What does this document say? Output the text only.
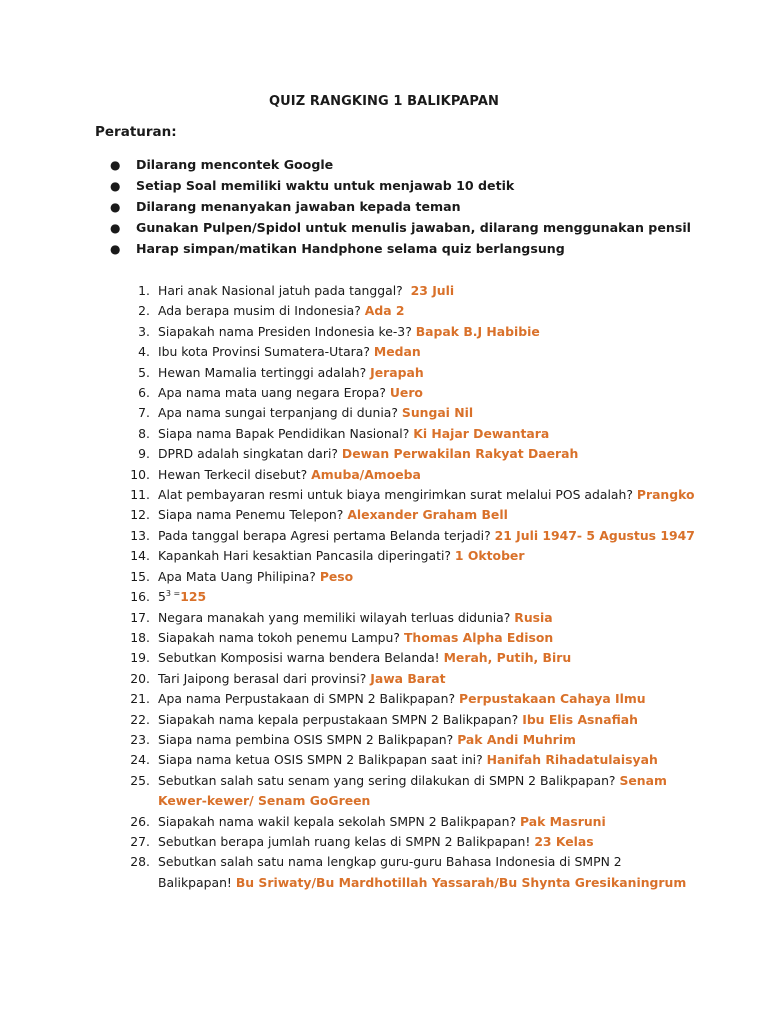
QUIZ RANGKING 1 BALIKPAPAN
Peraturan:
● Dilarang mencontek Google
● Setiap Soal memiliki waktu untuk menjawab 10 detik
● Dilarang menanyakan jawaban kepada teman
● Gunakan Pulpen/Spidol untuk menulis jawaban, dilarang menggunakan pensil
● Harap simpan/matikan Handphone selama quiz berlangsung
1. Hari anak Nasional jatuh pada tanggal? 23 Juli
2. Ada berapa musim di Indonesia? Ada 2
3. Siapakah nama Presiden Indonesia ke-3? Bapak B.J Habibie
4. Ibu kota Provinsi Sumatera-Utara? Medan
5. Hewan Mamalia tertinggi adalah? Jerapah
6. Apa nama mata uang negara Eropa? Uero
7. Apa nama sungai terpanjang di dunia? Sungai Nil
8. Siapa nama Bapak Pendidikan Nasional? Ki Hajar Dewantara
9. DPRD adalah singkatan dari? Dewan Perwakilan Rakyat Daerah
10. Hewan Terkecil disebut? Amuba/Amoeba
11. Alat pembayaran resmi untuk biaya mengirimkan surat melalui POS adalah? Prangko
12. Siapa nama Penemu Telepon? Alexander Graham Bell
13. Pada tanggal berapa Agresi pertama Belanda terjadi? 21 Juli 1947- 5 Agustus 1947
14. Kapankah Hari kesaktian Pancasila diperingati? 1 Oktober
15. Apa Mata Uang Philipina? Peso
16. $5^{3 =}125$
17. Negara manakah yang memiliki wilayah terluas didunia? Rusia
18. Siapakah nama tokoh penemu Lampu? Thomas Alpha Edison
19. Sebutkan Komposisi warna bendera Belanda! Merah, Putih, Biru
20. Tari Jaipong berasal dari provinsi? Jawa Barat
21. Apa nama Perpustakaan di SMPN 2 Balikpapan? Perpustakaan Cahaya Ilmu
22. Siapakah nama kepala perpustakaan SMPN 2 Balikpapan? Ibu Elis Asnafiah
23. Siapa nama pembina OSIS SMPN 2 Balikpapan? Pak Andi Muhrim
24. Siapa nama ketua OSIS SMPN 2 Balikpapan saat ini? Hanifah Rihadatulaisyah
25. Sebutkan salah satu senam yang sering dilakukan di SMPN 2 Balikpapan? Senam Kewer-kewer/ Senam GoGreen
26. Siapakah nama wakil kepala sekolah SMPN 2 Balikpapan? Pak Masruni
27. Sebutkan berapa jumlah ruang kelas di SMPN 2 Balikpapan! 23 Kelas
28. Sebutkan salah satu nama lengkap guru-guru Bahasa Indonesia di SMPN 2 Balikpapan! Bu Sriwaty/Bu Mardhotillah Yassarah/Bu Shynta Gresikaningrum
